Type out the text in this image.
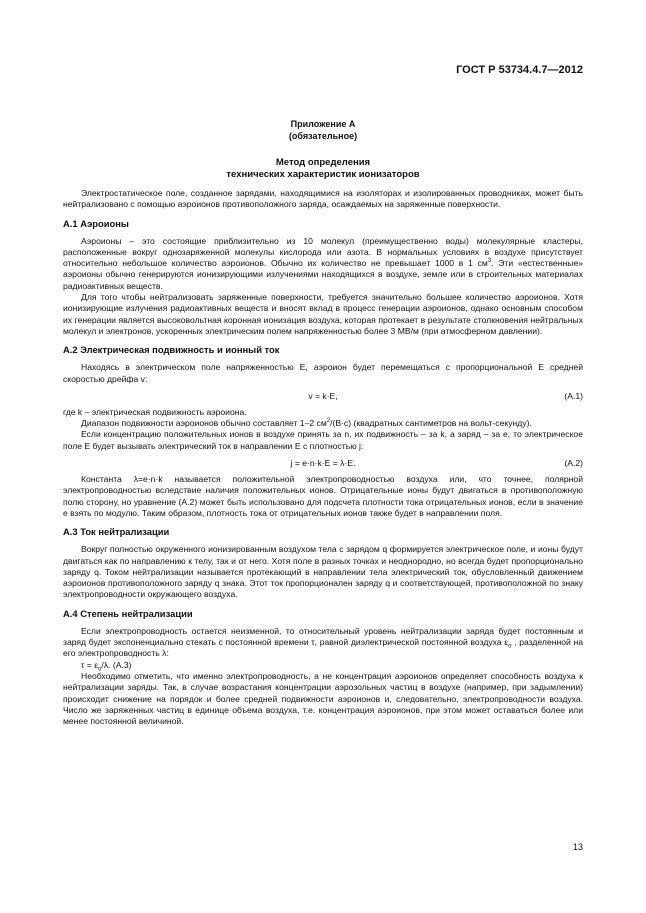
ГОСТ Р 53734.4.7—2012
Приложение А
(обязательное)
Метод определения
технических характеристик ионизаторов

Электростатическое поле, созданное зарядами, находящимися на изоляторах и изолированных проводниках, может быть нейтрализовано с помощью аэроионов противоположного заряда, осаждаемых на заряженные поверхности.

А.1 Аэроионы

Аэроионы – это состоящие приблизительно из 10 молекул (преимущественно воды) молекулярные кластеры, расположенные вокруг однозаряженной молекулы кислорода или азота. В нормальных условиях в воздухе присутствует относительно небольшое количество аэроионов. Обычно их количество не превышает 1000 в 1 $см^3$. Эти «естественные» аэроионы обычно генерируются ионизирующими излучениями находящихся в воздухе, земле или в строительных материалах радиоактивных веществ.

Для того чтобы нейтрализовать заряженные поверхности, требуется значительно большее количество аэроионов. Хотя ионизирующие излучения радиоактивных веществ и вносят вклад в процесс генерации аэроионов, однако основным способом их генерации является высоковольтная коронная ионизация воздуха, которая протекает в результате столкновения нейтральных молекул и электронов, ускоренных электрическим полем напряженностью более 3 МВ/м (при атмосферном давлении).

А.2 Электрическая подвижность и ионный ток

Находясь в электрическом поле напряженностью E, аэроион будет перемещаться с пропорциональной E средней скоростью дрейфа v:

v = k·E,	(А.1)

где k – электрическая подвижность аэроиона.

Диапазон подвижности аэроионов обычно составляет 1–2 $см^2/(В\cdot с)$ (квадратных сантиметров на вольт-секунду).

Если концентрацию положительных ионов в воздухе принять за n, их подвижность – за k, а заряд – за e, то электрическое поле E будет вызывать электрический ток в направлении E с плотностью j:

j = e·n·k·E = λ·E.	(А.2)

Константа λ=e·n·k называется положительной электропроводностью воздуха или, что точнее, полярной электропроводностью вследствие наличия положительных ионов. Отрицательные ионы будут двигаться в противоположную полю сторону, но уравнение (А.2) может быть использовано для подсчета плотности тока отрицательных ионов, если в значение e взять по модулю. Таким образом, плотность тока от отрицательных ионов также будет в направлении поля.

А.3 Ток нейтрализации

Вокруг полностью окруженного ионизированным воздухом тела с зарядом q формируется электрическое поле, и ионы будут двигаться как по направлению к телу, так и от него. Хотя поле в разных точках и неоднородно, но всегда будет пропорционально заряду q. Током нейтрализации называется протекающий в направлении тела электрический ток, обусловленный движением аэроионов противоположного заряду q знака. Этот ток пропорционален заряду q и соответствующей, противоположной по знаку электропроводности окружающего воздуха.

А.4 Степень нейтрализации

Если электропроводность остается неизменной, то относительный уровень нейтрализации заряда будет постоянным и заряд будет экспоненциально стекать с постоянной времени τ, равной диэлектрической постоянной воздуха $\varepsilon_o$ , разделенной на его электропроводность λ:

$\tau = \varepsilon_o/\lambda$. (А.3)

Необходимо отметить, что именно электропроводность, а не концентрация аэроионов определяет способность воздуха к нейтрализации заряды. Так, в случае возрастания концентрации аэрозольных частиц в воздухе (например, при задымлении) происходит снижение на порядок и более средней подвижности аэроионов и, следовательно, электропроводности воздуха. Число же заряженных частиц в единице объема воздуха, т.е. концентрация аэроионов, при этом может оставаться более или менее постоянной величиной.

13
